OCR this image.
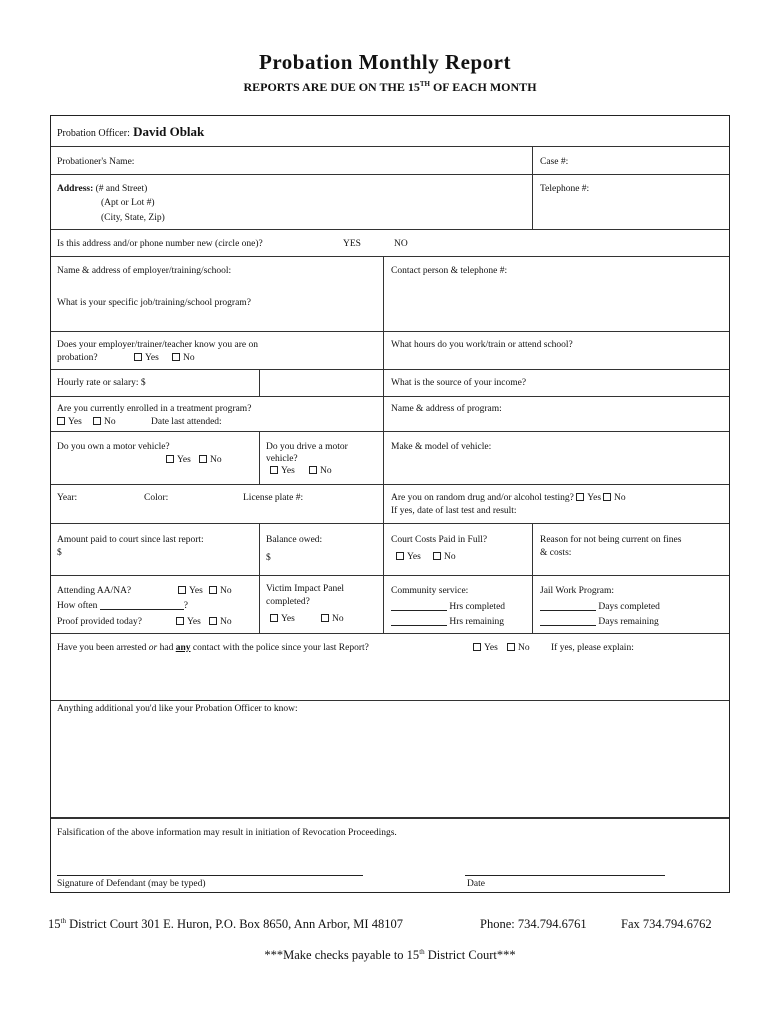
Probation Monthly Report
REPORTS ARE DUE ON THE 15TH OF EACH MONTH
Probation Officer: David Oblak
Probationer's Name:	Case #:
Address: (# and Street)
(Apt or Lot #)
(City, State, Zip)
Telephone #:
Is this address and/or phone number new (circle one)?	YES	NO
Name & address of employer/training/school:	Contact person & telephone #:
What is your specific job/training/school program?
Does your employer/trainer/teacher know you are on
probation?	Yes	No
What hours do you work/train or attend school?
Hourly rate or salary: $	What is the source of your income?
Are you currently enrolled in a treatment program?
Yes	No	Date last attended:
Name & address of program:
Do you own a motor vehicle?
Yes	No
Do you drive a motor
vehicle?
Yes	No
Make & model of vehicle:
Year:	Color:	License plate #:	Are you on random drug and/or alcohol testing? Yes No
If yes, date of last test and result:
Amount paid to court since last report:
$
Balance owed:
$
Court Costs Paid in Full?
Yes	No
Reason for not being current on fines
& costs:
Attending AA/NA?	Yes	No
How often	?
Proof provided today?	Yes	No
Victim Impact Panel
completed?
Yes	No
Community service:
Hrs completed
Hrs remaining
Jail Work Program:
Days completed
Days remaining
Have you been arrested or had any contact with the police since your last Report?	Yes	No If yes, please explain:
Anything additional you'd like your Probation Officer to know:
Falsification of the above information may result in initiation of Revocation Proceedings.
Signature of Defendant (may be typed)	Date
15th District Court 301 E. Huron, P.O. Box 8650, Ann Arbor, MI 48107	Phone: 734.794.6761	Fax 734.794.6762
***Make checks payable to 15th District Court***
